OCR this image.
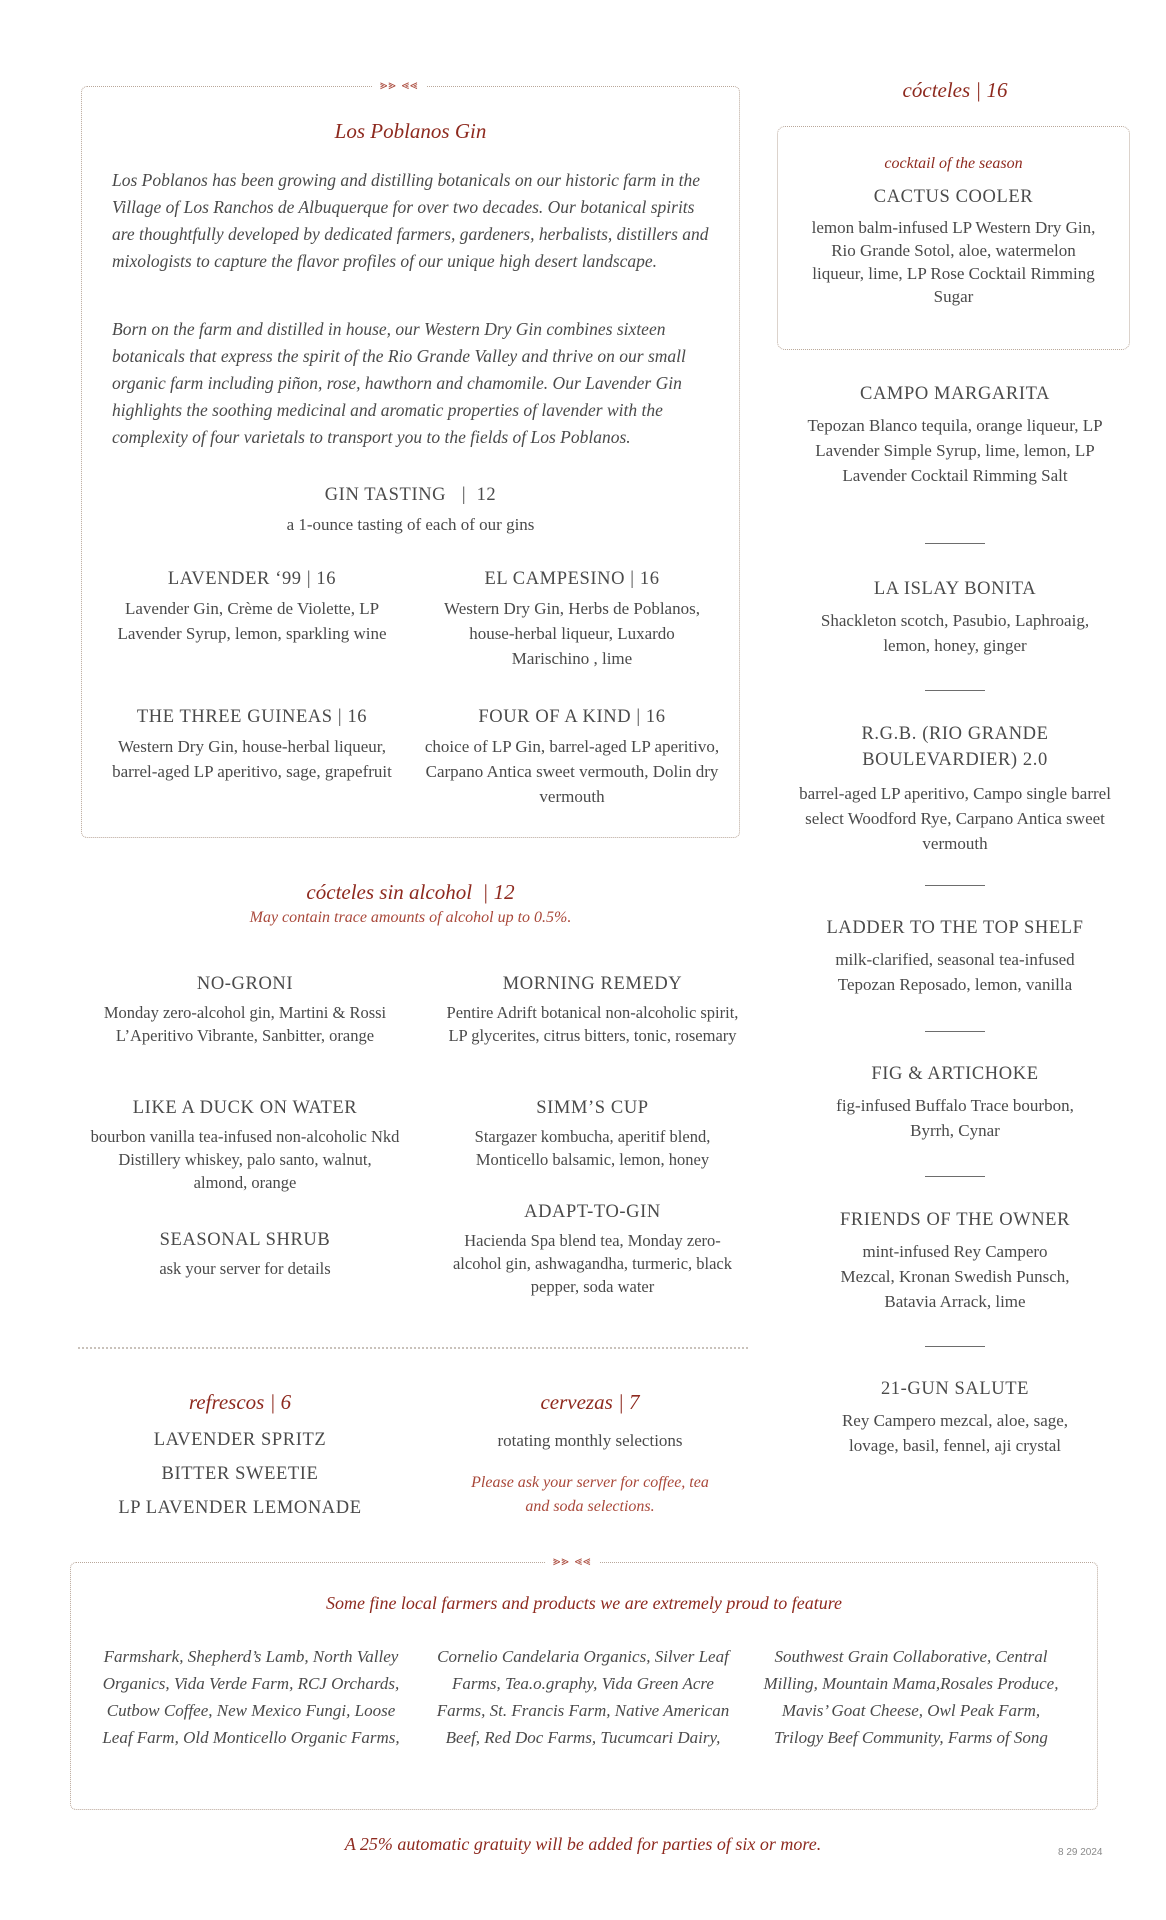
⪢⪢ ⪡⪡
Los Poblanos Gin

Los Poblanos has been growing and distilling botanicals on our historic farm in the Village of Los Ranchos de Albuquerque for over two decades. Our botanical spirits are thoughtfully developed by dedicated farmers, gardeners, herbalists, distillers and mixologists to capture the flavor profiles of our unique high desert landscape.

Born on the farm and distilled in house, our Western Dry Gin combines sixteen botanicals that express the spirit of the Rio Grande Valley and thrive on our small organic farm including piñon, rose, hawthorn and chamomile. Our Lavender Gin highlights the soothing medicinal and aromatic properties of lavender with the complexity of four varietals to transport you to the fields of Los Poblanos.

GIN TASTING   |  12
a 1-ounce tasting of each of our gins
LAVENDER ‘99 | 16
Lavender Gin, Crème de Violette, LP Lavender Syrup, lemon, sparkling wine
EL CAMPESINO | 16
Western Dry Gin, Herbs de Poblanos, house-herbal liqueur, Luxardo Marischino , lime
THE THREE GUINEAS | 16
Western Dry Gin, house-herbal liqueur, barrel-aged LP aperitivo, sage, grapefruit
FOUR OF A KIND | 16
choice of LP Gin, barrel-aged LP aperitivo, Carpano Antica sweet vermouth, Dolin dry vermouth
cócteles sin alcohol  | 12
May contain trace amounts of alcohol up to 0.5%.
NO-GRONI
Monday zero-alcohol gin, Martini & Rossi L’Aperitivo Vibrante, Sanbitter, orange
MORNING REMEDY
Pentire Adrift botanical non-alcoholic spirit, LP glycerites, citrus bitters, tonic, rosemary
LIKE A DUCK ON WATER
bourbon vanilla tea-infused non-alcoholic Nkd Distillery whiskey, palo santo, walnut, almond, orange
SIMM’S CUP
Stargazer kombucha, aperitif blend, Monticello balsamic, lemon, honey
SEASONAL SHRUB
ask your server for details
ADAPT-TO-GIN
Hacienda Spa blend tea, Monday zero-alcohol gin, ashwagandha, turmeric, black pepper, soda water
refrescos | 6
LAVENDER SPRITZ
BITTER SWEETIE
LP LAVENDER LEMONADE
cervezas | 7
rotating monthly selections
Please ask your server for coffee, tea and soda selections.
cócteles | 16
cocktail of the season
CACTUS COOLER
lemon balm-infused LP Western Dry Gin, Rio Grande Sotol, aloe, watermelon liqueur, lime, LP Rose Cocktail Rimming Sugar
CAMPO MARGARITA
Tepozan Blanco tequila, orange liqueur, LP Lavender Simple Syrup, lime, lemon, LP Lavender Cocktail Rimming Salt
LA ISLAY BONITA
Shackleton scotch, Pasubio, Laphroaig, lemon, honey, ginger
R.G.B. (RIO GRANDE BOULEVARDIER) 2.0
barrel-aged LP aperitivo, Campo single barrel select Woodford Rye, Carpano Antica sweet vermouth
LADDER TO THE TOP SHELF
milk-clarified, seasonal tea-infused Tepozan Reposado, lemon, vanilla
FIG & ARTICHOKE
fig-infused Buffalo Trace bourbon, Byrrh, Cynar
FRIENDS OF THE OWNER
mint-infused Rey Campero Mezcal, Kronan Swedish Punsch, Batavia Arrack, lime
21-GUN SALUTE
Rey Campero mezcal, aloe, sage, lovage, basil, fennel, aji crystal
⪢⪢ ⪡⪡
Some fine local farmers and products we are extremely proud to feature
Farmshark, Shepherd’s Lamb, North Valley Organics, Vida Verde Farm, RCJ Orchards, Cutbow Coffee, New Mexico Fungi, Loose Leaf Farm, Old Monticello Organic Farms,
Cornelio Candelaria Organics, Silver Leaf Farms, Tea.o.graphy, Vida Green Acre Farms, St. Francis Farm, Native American Beef, Red Doc Farms, Tucumcari Dairy,
Southwest Grain Collaborative, Central Milling, Mountain Mama,Rosales Produce, Mavis’ Goat Cheese, Owl Peak Farm, Trilogy Beef Community, Farms of Song
A 25% automatic gratuity will be added for parties of six or more.	8 29 2024
